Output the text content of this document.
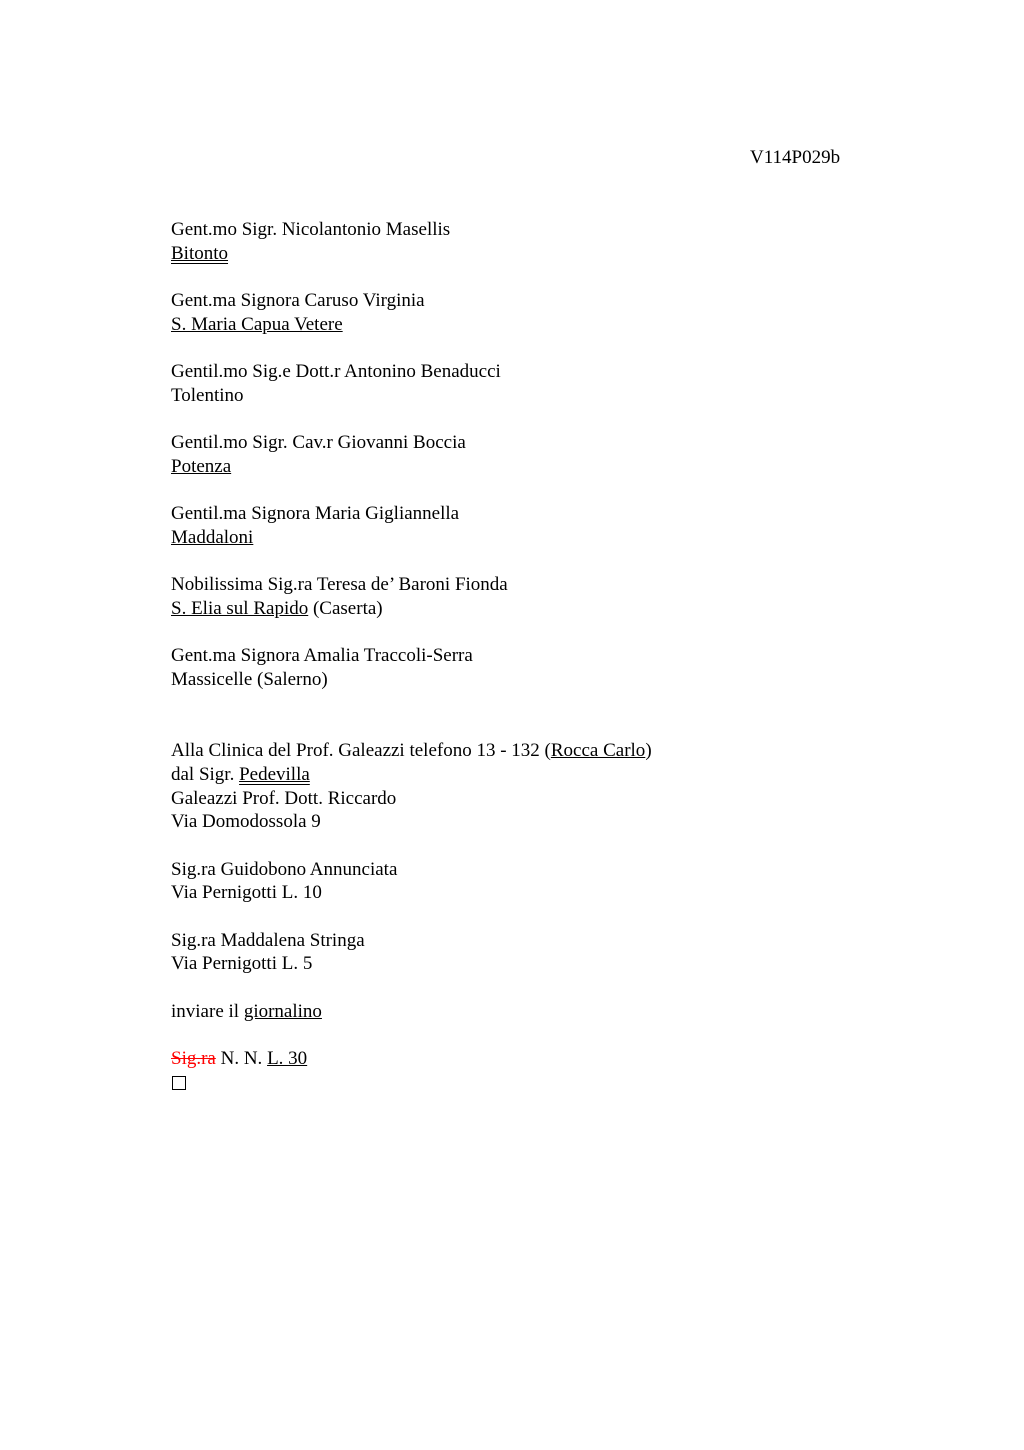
V114P029b
Gent.mo Sigr. Nicolantonio Masellis
Bitonto
Gent.ma Signora Caruso Virginia
S. Maria Capua Vetere
Gentil.mo Sig.e Dott.r Antonino Benaducci
Tolentino
Gentil.mo Sigr. Cav.r Giovanni Boccia
Potenza
Gentil.ma Signora Maria Gigliannella
Maddaloni
Nobilissima Sig.ra Teresa de’ Baroni Fionda
S. Elia sul Rapido (Caserta)
Gent.ma Signora Amalia Traccoli-Serra
Massicelle (Salerno)
Alla Clinica del Prof. Galeazzi telefono 13 - 132 (Rocca Carlo)
dal Sigr. Pedevilla
Galeazzi Prof. Dott. Riccardo
Via Domodossola 9
Sig.ra Guidobono Annunciata
Via Pernigotti L. 10
Sig.ra Maddalena Stringa
Via Pernigotti L. 5
inviare il giornalino
Sig.ra N. N. L. 30
